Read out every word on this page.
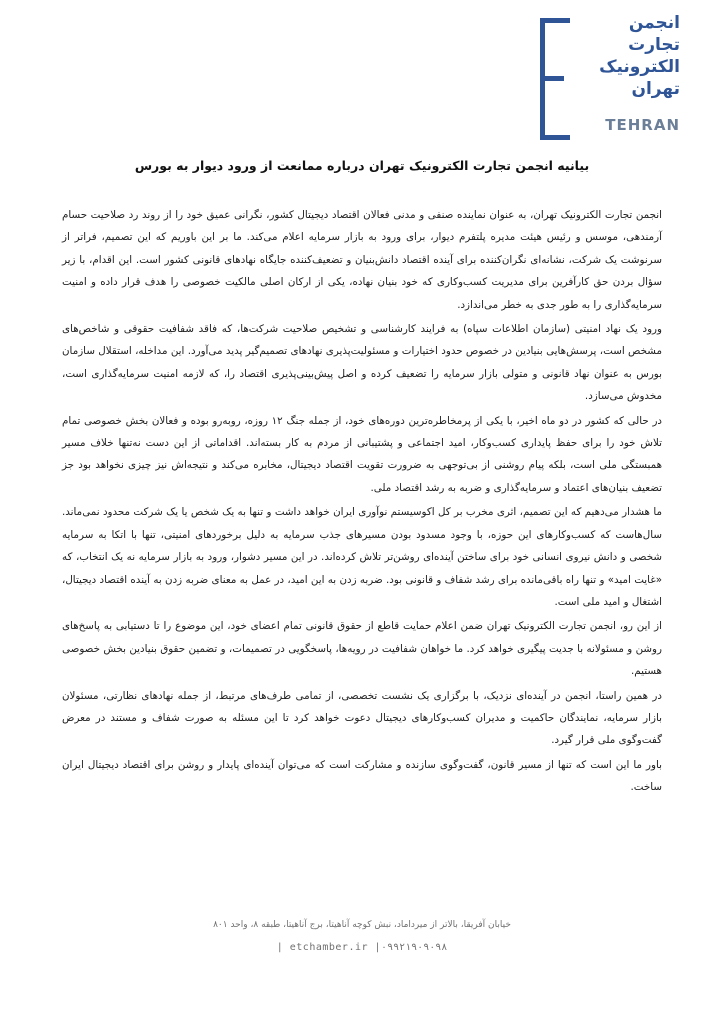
انجمن
تجارت
الکترونیک
تهران
TEHRAN
بیانیه انجمن تجارت الکترونیک تهران درباره ممانعت از ورود دیوار به بورس

انجمن تجارت الکترونیک تهران، به عنوان نماینده صنفی و مدنی فعالان اقتصاد دیجیتال کشور، نگرانی عمیق خود را از روند رد صلاحیت حسام آرمندهی، موسس و رئیس هیئت مدیره پلتفرم دیوار، برای ورود به بازار سرمایه اعلام می‌کند. ما بر این باوریم که این تصمیم، فراتر از سرنوشت یک شرکت، نشانه‌ای نگران‌کننده برای آینده اقتصاد دانش‌بنیان و تضعیف‌کننده جایگاه نهادهای قانونی کشور است. این اقدام، با زیر سؤال بردن حق کارآفرین برای مدیریت کسب‌وکاری که خود بنیان نهاده، یکی از ارکان اصلی مالکیت خصوصی را هدف قرار داده و امنیت سرمایه‌گذاری را به طور جدی به خطر می‌اندازد.

ورود یک نهاد امنیتی (سازمان اطلاعات سپاه) به فرایند کارشناسی و تشخیص صلاحیت شرکت‌ها، که فاقد شفافیت حقوقی و شاخص‌های مشخص است، پرسش‌هایی بنیادین در خصوص حدود اختیارات و مسئولیت‌پذیری نهادهای تصمیم‌گیر پدید می‌آورد. این مداخله، استقلال سازمان بورس به عنوان نهاد قانونی و متولی بازار سرمایه را تضعیف کرده و اصل پیش‌بینی‌پذیری اقتصاد را، که لازمه امنیت سرمایه‌گذاری است، مخدوش می‌سازد.

در حالی که کشور در دو ماه اخیر، با یکی از پرمخاطره‌ترین دوره‌های خود، از جمله جنگ ۱۲ روزه، روبه‌رو بوده و فعالان بخش خصوصی تمام تلاش خود را برای حفظ پایداری کسب‌وکار، امید اجتماعی و پشتیبانی از مردم به کار بسته‌اند. اقداماتی از این دست نه‌تنها خلاف مسیر همبستگی ملی است، بلکه پیام روشنی از بی‌توجهی به ضرورت تقویت اقتصاد دیجیتال، مخابره می‌کند و نتیجه‌اش نیز چیزی نخواهد بود جز تضعیف بنیان‌های اعتماد و سرمایه‌گذاری و ضربه به رشد اقتصاد ملی.

ما هشدار می‌دهیم که این تصمیم، اثری مخرب بر کل اکوسیستم نوآوری ایران خواهد داشت و تنها به یک شخص یا یک شرکت محدود نمی‌ماند. سال‌هاست که کسب‌وکارهای این حوزه، با وجود مسدود بودن مسیرهای جذب سرمایه به دلیل برخوردهای امنیتی، تنها با اتکا به سرمایه شخصی و دانش نیروی انسانی خود برای ساختن آینده‌ای روشن‌تر تلاش کرده‌اند. در این مسیر دشوار، ورود به بازار سرمایه نه یک انتخاب، که «غایت امید» و تنها راه باقی‌مانده برای رشد شفاف و قانونی بود. ضربه زدن به این امید، در عمل به معنای ضربه زدن به آینده اقتصاد دیجیتال، اشتغال و امید ملی است.

از این رو، انجمن تجارت الکترونیک تهران ضمن اعلام حمایت قاطع از حقوق قانونی تمام اعضای خود، این موضوع را تا دستیابی به پاسخ‌های روشن و مسئولانه با جدیت پیگیری خواهد کرد. ما خواهان شفافیت در رویه‌ها، پاسخگویی در تصمیمات، و تضمین حقوق بنیادین بخش خصوصی هستیم.

در همین راستا، انجمن در آینده‌ای نزدیک، با برگزاری یک نشست تخصصی، از تمامی طرف‌های مرتبط، از جمله نهادهای نظارتی، مسئولان بازار سرمایه، نمایندگان حاکمیت و مدیران کسب‌وکارهای دیجیتال دعوت خواهد کرد تا این مسئله به صورت شفاف و مستند در معرض گفت‌وگوی ملی قرار گیرد.

باور ما این است که تنها از مسیر قانون، گفت‌وگوی سازنده و مشارکت است که می‌توان آینده‌ای پایدار و روشن برای اقتصاد دیجیتال ایران ساخت.

خیابان آفریقا، بالاتر از میرداماد، نبش کوچه آناهیتا، برج آناهیتا، طبقه ۸، واحد ۸۰۱
| etchamber.ir |۰۹۹۲۱۹۰۹۰۹۸
